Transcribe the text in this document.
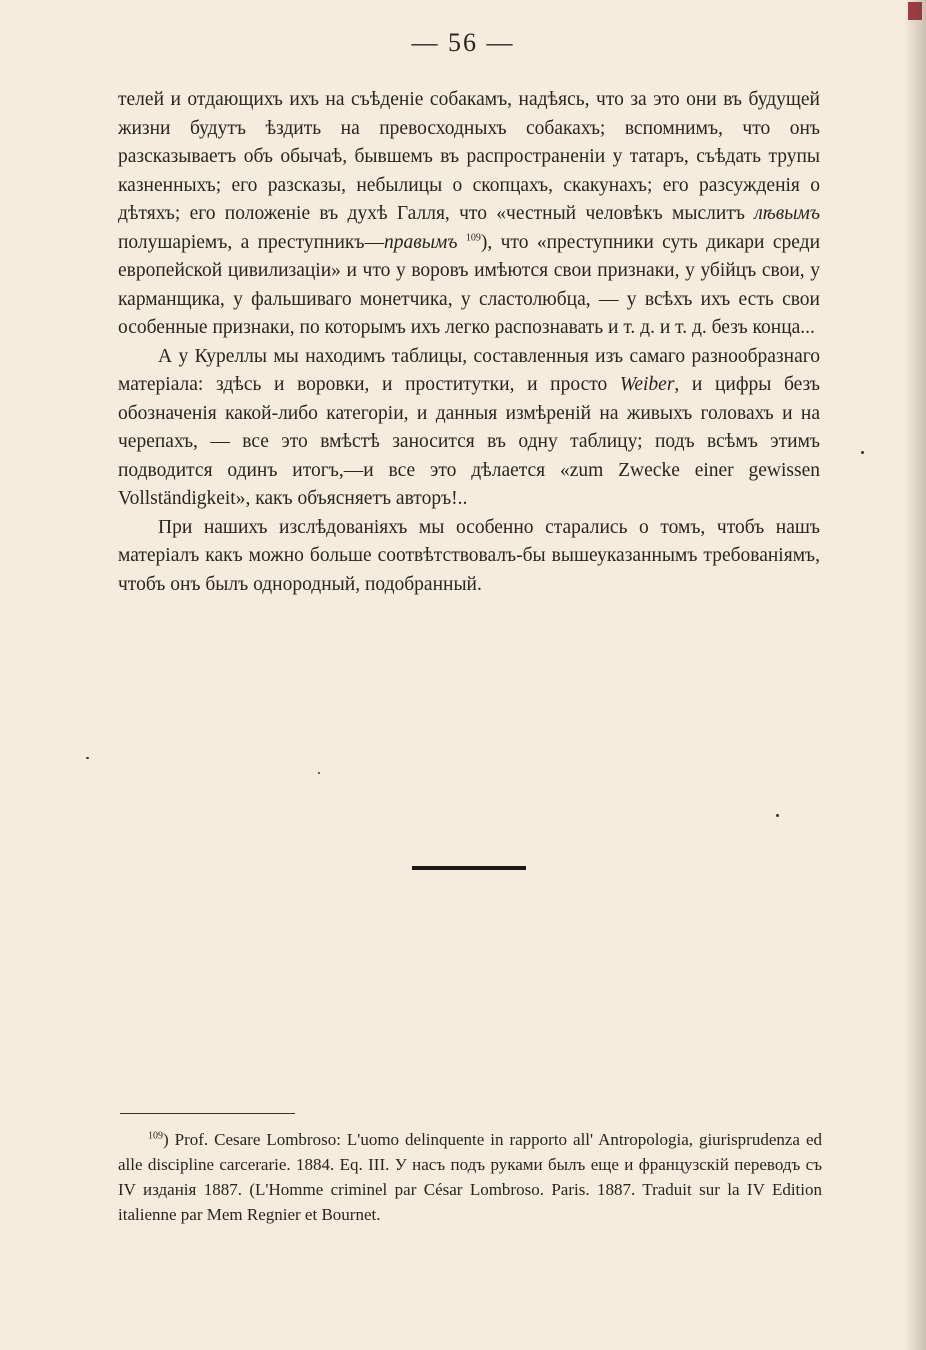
— 56 —

телей и отдающихъ ихъ на съѣденіе собакамъ, надѣясь, что за это они въ будущей жизни будутъ ѣздить на превосходныхъ собакахъ; вспомнимъ, что онъ разсказываетъ объ обычаѣ, бывшемъ въ распространеніи у татаръ, съѣдать трупы казненныхъ; его разсказы, небылицы о скопцахъ, скакунахъ; его разсужденія о дѣтяхъ; его положеніе въ духѣ Галля, что «честный человѣкъ мыслитъ лѣвымъ полушаріемъ, а преступникъ—правымъ $^{109}$), что «преступники суть дикари среди европейской цивилизаціи» и что у воровъ имѣются свои признаки, у убійцъ свои, у карманщика, у фальшиваго монетчика, у сластолюбца, — у всѣхъ ихъ есть свои особенные признаки, по которымъ ихъ легко распознавать и т. д. и т. д. безъ конца...

А у Куреллы мы находимъ таблицы, составленныя изъ самаго разнообразнаго матеріала: здѣсь и воровки, и проститутки, и просто Weiber, и цифры безъ обозначенія какой-либо категоріи, и данныя измѣреній на живыхъ головахъ и на черепахъ, — все это вмѣстѣ заносится въ одну таблицу; подъ всѣмъ этимъ подводится одинъ итогъ,—и все это дѣлается «zum Zwecke einer gewissen Vollständigkeit», какъ объясняетъ авторъ!..

При нашихъ изслѣдованіяхъ мы особенно старались о томъ, чтобъ нашъ матеріалъ какъ можно больше соотвѣтствовалъ-бы вышеуказаннымъ требованіямъ, чтобъ онъ былъ однородный, подобранный.

$^{109}$) Prof. Cesare Lombroso: L'uomo delinquente in rapporto all' Antropologia, giurisprudenza ed alle discipline carcerarie. 1884. Eq. III. У насъ подъ руками былъ еще и французскій переводъ съ IV изданія 1887. (L'Homme criminel par César Lombroso. Paris. 1887. Traduit sur la IV Edition italienne par Mem Regnier et Bournet.
